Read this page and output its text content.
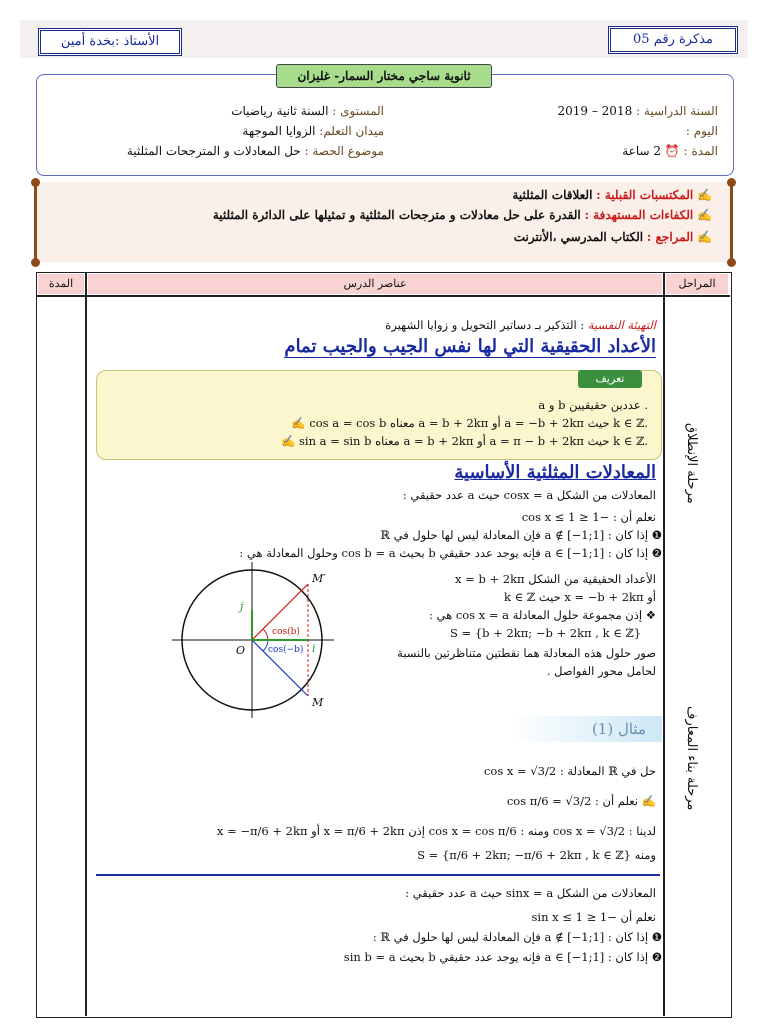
الأستاذ :بخدة أمين	مذكرة رقم 05
ثانوية ساجي مختار السمار- غليزان
السنة الدراسية : 2018 – 2019
اليوم :
المدة : ⏰ 2 ساعة
المستوى : السنة ثانية رياضيات
ميدان التعلم: الزوايا الموجهة
موضوع الحصة : حل المعادلات و المترجحات المثلثية
✍ المكتسبات القبلية : العلاقات المثلثية
✍ الكفاءات المستهدفة : القدرة على حل معادلات و مترجحات المثلثية و تمثيلها على الدائرة المثلثية
✍ المراجع : الكتاب المدرسي ،الأنترنت
المدة	عناصر الدرس	المراحل
مرحلة الإنطلاق
مرحلة بناء المعارف
التهيئة النفسية : التذكير بـ دساتير التحويل و زوايا الشهيرة
الأعداد الحقيقية التي لها نفس الجيب والجيب تمام
تعريف
a و b عددين حقيقيين .
✍ cos a = cos b معناه a = b + 2kπ أو a = −b + 2kπ حيث k ∈ ℤ.
✍ sin a = sin b معناه a = b + 2kπ أو a = π − b + 2kπ حيث k ∈ ℤ.
المعادلات المثلثية الأساسية
المعادلات من الشكل cosx = a حيث a عدد حقيقي :
نعلم أن : −1 ≤ cos x ≤ 1
❶ إذا كان : a ∉ [−1;1] فإن المعادلة ليس لها حلول في ℝ
❷ إذا كان : a ∈ [−1;1] فإنه يوجد عدد حقيقي b بحيث cos b = a وحلول المعادلة هي :
الأعداد الحقيقية من الشكل x = b + 2kπ
أو x = −b + 2kπ حيث k ∈ ℤ
❖ إذن مجموعة حلول المعادلة cos x = a هي :
S = {b + 2kπ; −b + 2kπ , k ∈ ℤ}
صور حلول هذه المعادلة هما نقطتين متناظرتين بالنسبة
لحامل محور الفواصل .
M′
M
O	i
j
cos(b)
cos(−b)
مثال (1)
حل في ℝ المعادلة : cos x = √3/2
✍ نعلم أن : cos π/6 = √3/2
لدينا : cos x = √3/2 ومنه : cos x = cos π/6 إذن x = π/6 + 2kπ أو x = −π/6 + 2kπ
ومنه S = {π/6 + 2kπ; −π/6 + 2kπ , k ∈ ℤ}
المعادلات من الشكل sinx = a حيث a عدد حقيقي :
نعلم أن −1 ≤ sin x ≤ 1
❶ إذا كان : a ∉ [−1;1] فإن المعادلة ليس لها حلول في ℝ :
❷ إذا كان : a ∈ [−1;1] فإنه يوجد عدد حقيقي b بحيث sin b = a
